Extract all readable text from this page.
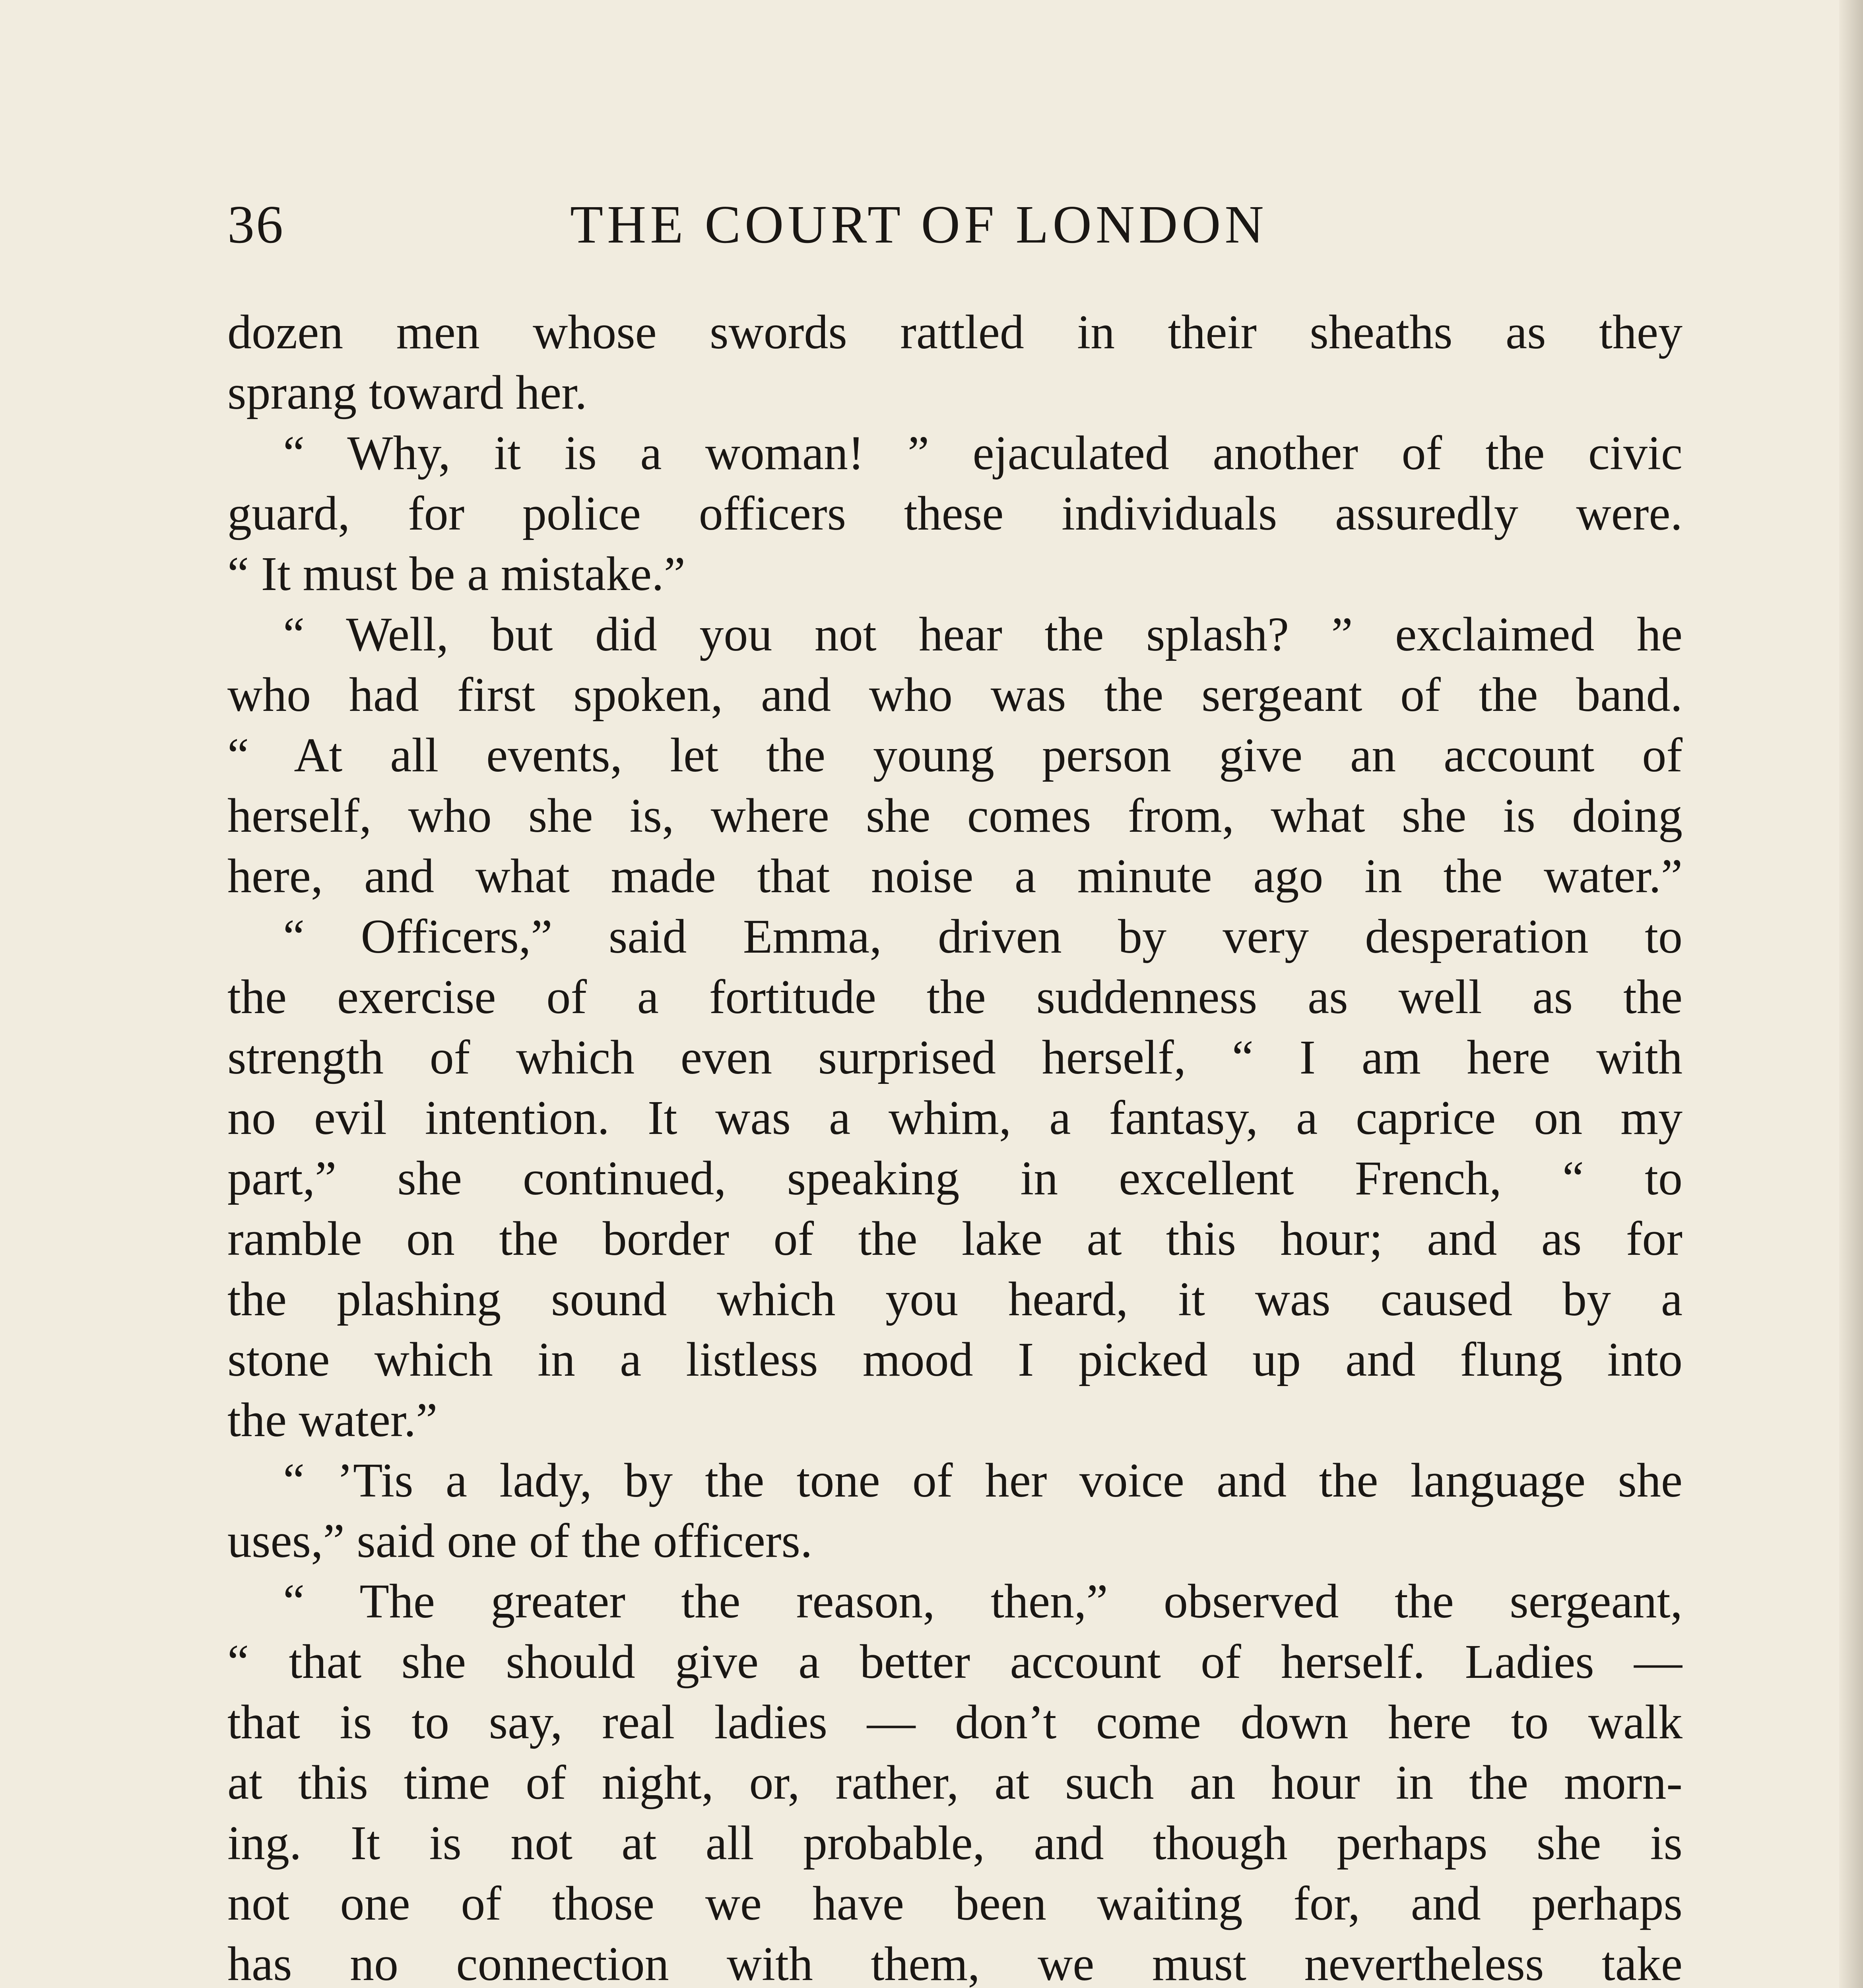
36	THE COURT OF LONDON
dozen men whose swords rattled in their sheaths as they
sprang toward her.
“ Why, it is a woman! ” ejaculated another of the civic
guard, for police officers these individuals assuredly were.
“ It must be a mistake.”
“ Well, but did you not hear the splash? ” exclaimed he
who had first spoken, and who was the sergeant of the band.
“ At all events, let the young person give an account of
herself, who she is, where she comes from, what she is doing
here, and what made that noise a minute ago in the water.”
“ Officers,” said Emma, driven by very desperation to
the exercise of a fortitude the suddenness as well as the
strength of which even surprised herself, “ I am here with
no evil intention. It was a whim, a fantasy, a caprice on my
part,” she continued, speaking in excellent French, “ to
ramble on the border of the lake at this hour; and as for
the plashing sound which you heard, it was caused by a
stone which in a listless mood I picked up and flung into
the water.”
“ ’Tis a lady, by the tone of her voice and the language she
uses,” said one of the officers.
“ The greater the reason, then,” observed the sergeant,
“ that she should give a better account of herself. Ladies —
that is to say, real ladies — don’t come down here to walk
at this time of night, or, rather, at such an hour in the morn-
ing. It is not at all probable, and though perhaps she is
not one of those we have been waiting for, and perhaps
has no connection with them, we must nevertheless take
